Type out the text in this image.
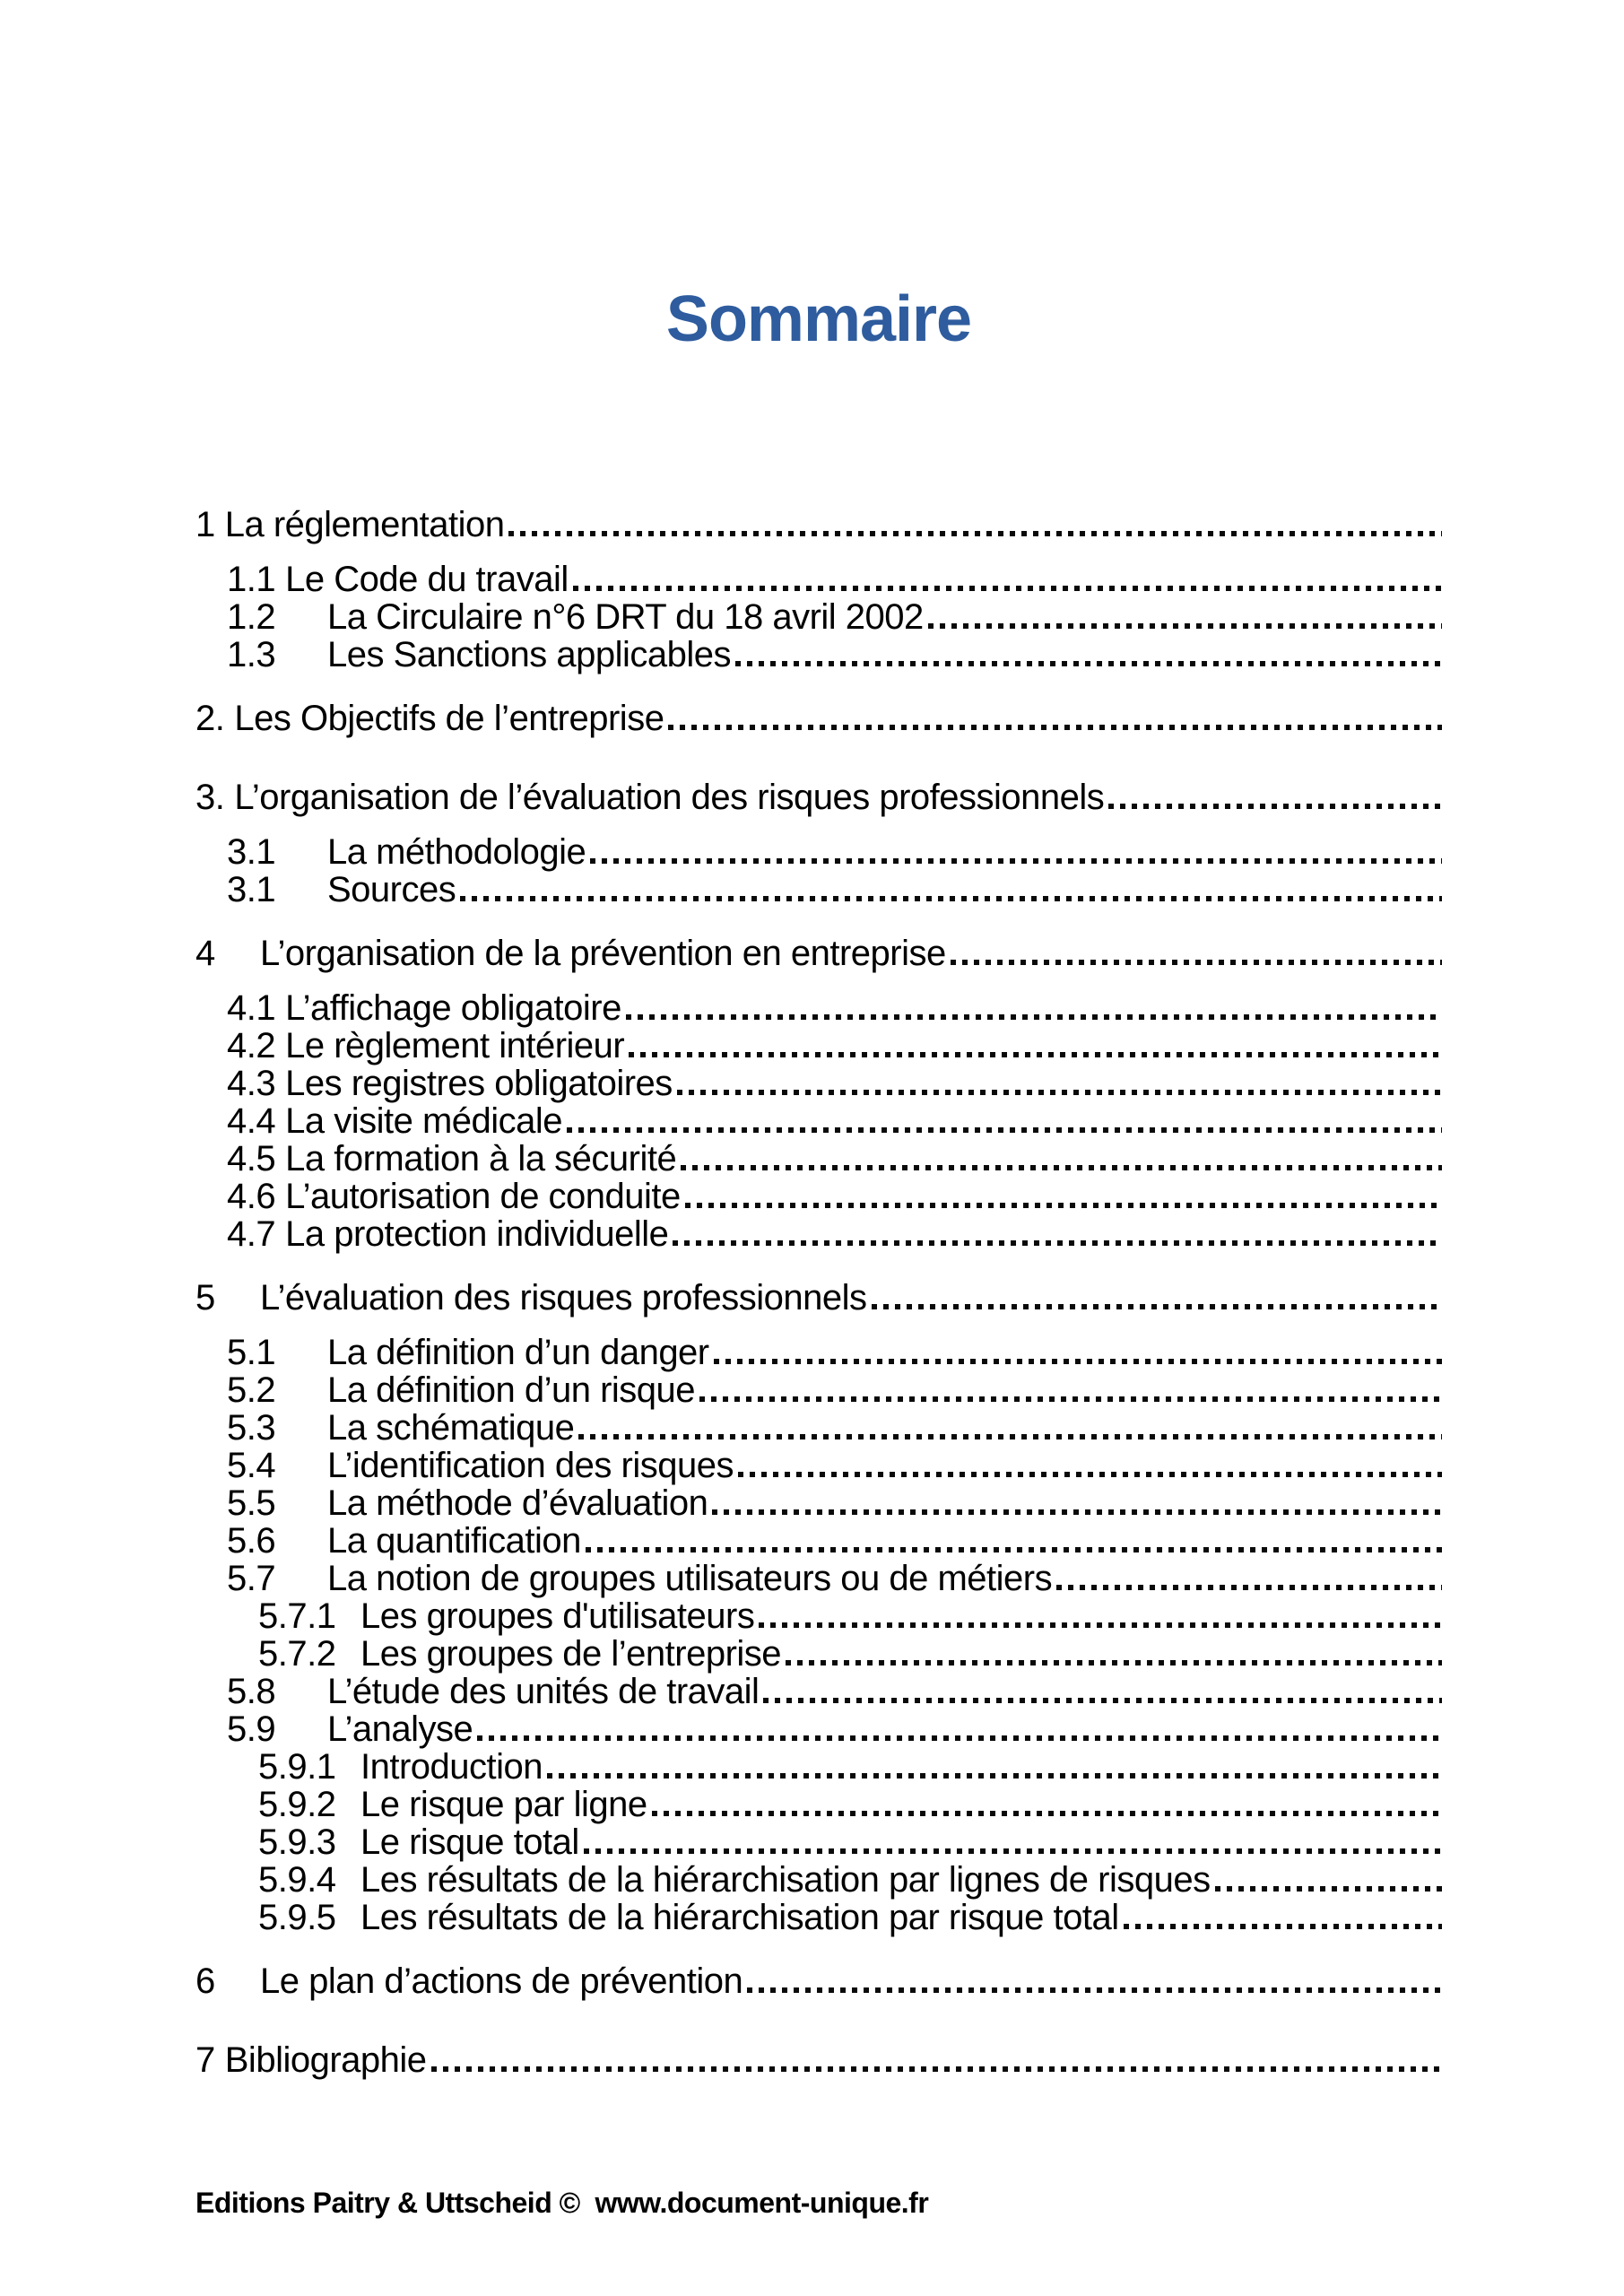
Sommaire
1 La réglementation
1.1 Le Code du travail
1.2	La Circulaire n°6 DRT du 18 avril 2002
1.3	Les Sanctions applicables
2. Les Objectifs de l’entreprise
3. L’organisation de l’évaluation des risques professionnels
3.1	La méthodologie
3.1	Sources
4	L’organisation de la prévention en entreprise
4.1 L’affichage obligatoire
4.2 Le règlement intérieur
4.3 Les registres obligatoires
4.4 La visite médicale
4.5 La formation à la sécurité
4.6 L’autorisation de conduite
4.7 La protection individuelle
5	L’évaluation des risques professionnels
5.1	La définition d’un danger
5.2	La définition d’un risque
5.3	La schématique
5.4	L’identification des risques
5.5	La méthode d’évaluation
5.6	La quantification
5.7	La notion de groupes utilisateurs ou de métiers
5.7.1 Les groupes d'utilisateurs
5.7.2 Les groupes de l’entreprise
5.8	L’étude des unités de travail
5.9	L’analyse
5.9.1 Introduction
5.9.2 Le risque par ligne
5.9.3 Le risque total
5.9.4 Les résultats de la hiérarchisation par lignes de risques
5.9.5 Les résultats de la hiérarchisation par risque total
6	Le plan d’actions de prévention
7 Bibliographie
Editions Paitry & Uttscheid ©  www.document-unique.fr
